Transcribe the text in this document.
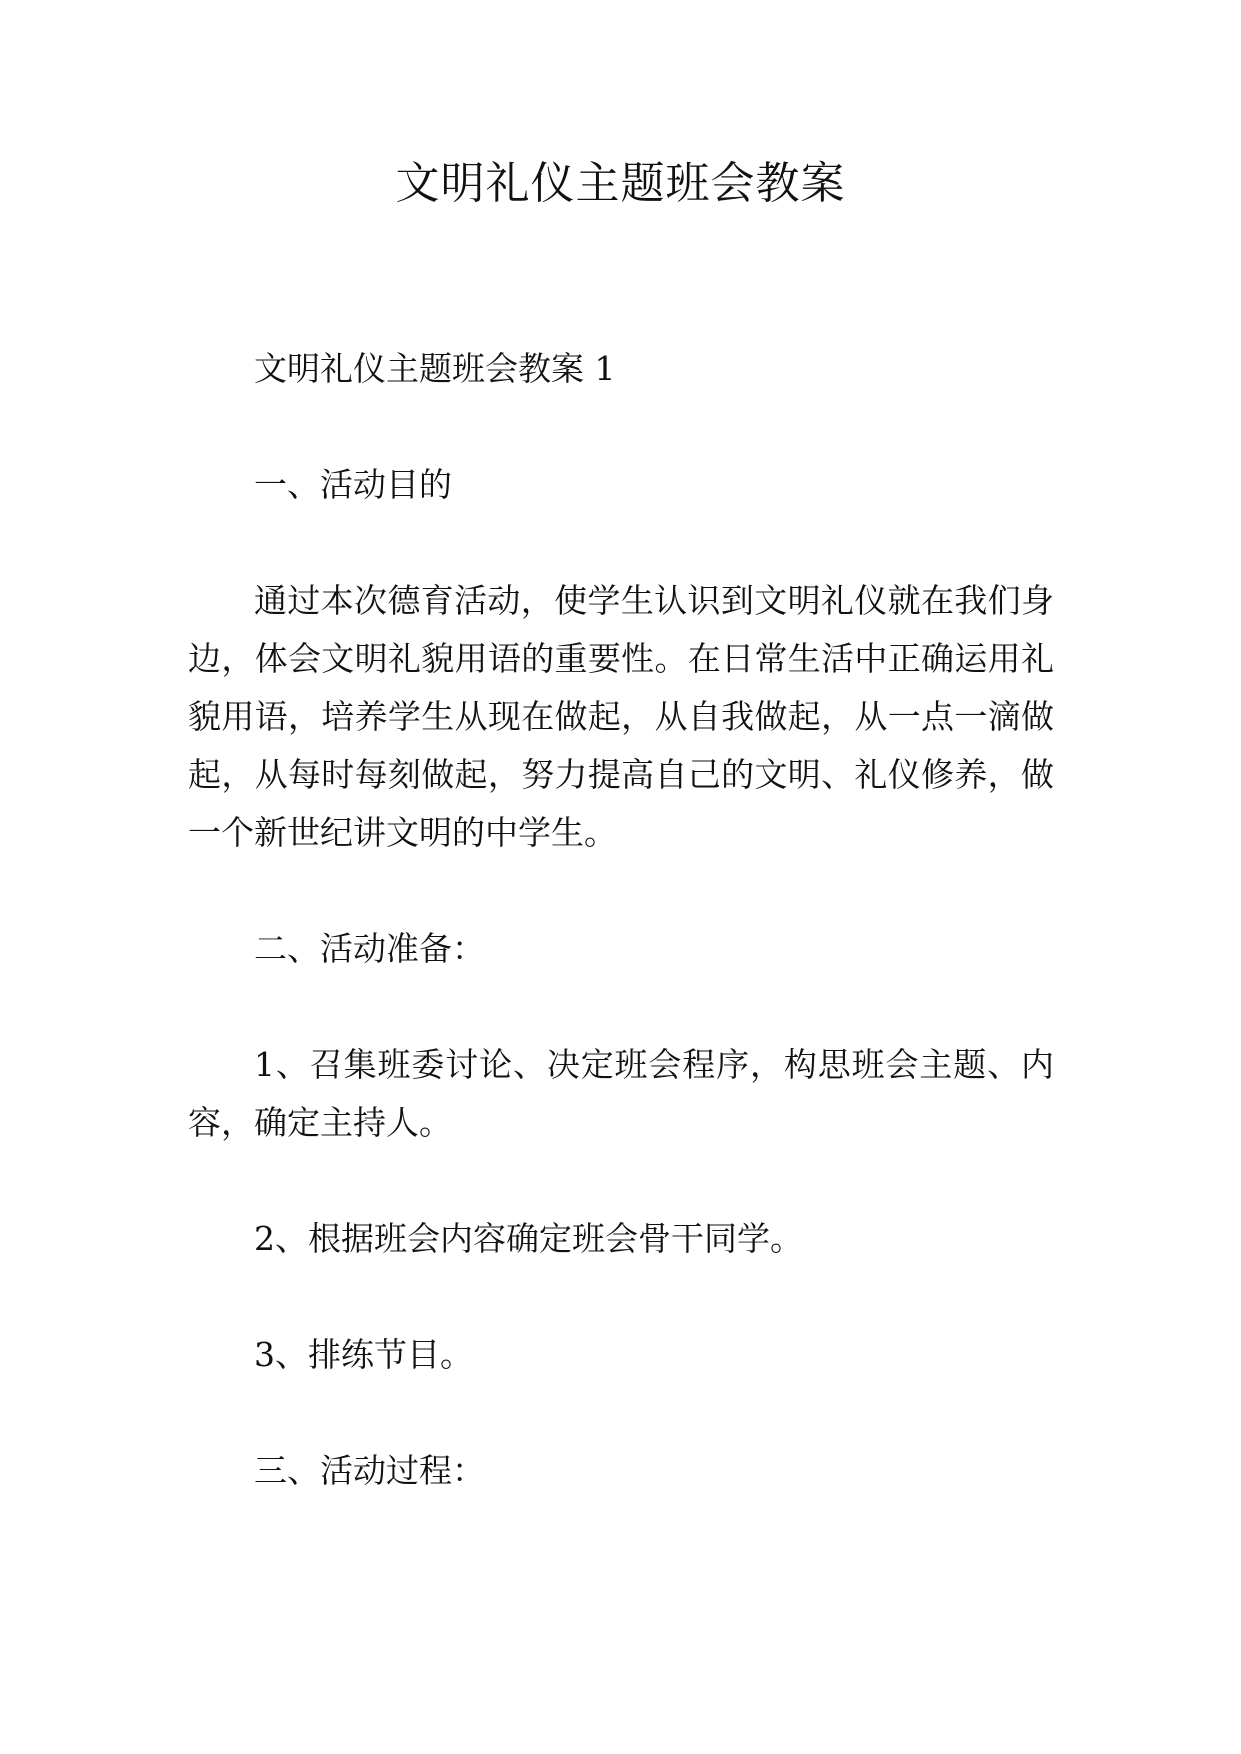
文明礼仪主题班会教案

文明礼仪主题班会教案 1

一、活动目的

通过本次德育活动，使学生认识到文明礼仪就在我们身边，体会文明礼貌用语的重要性。在日常生活中正确运用礼貌用语，培养学生从现在做起，从自我做起，从一点一滴做起，从每时每刻做起，努力提高自己的文明、礼仪修养，做一个新世纪讲文明的中学生。

二、活动准备：

1、召集班委讨论、决定班会程序，构思班会主题、内容，确定主持人。

2、根据班会内容确定班会骨干同学。

3、排练节目。

三、活动过程：
